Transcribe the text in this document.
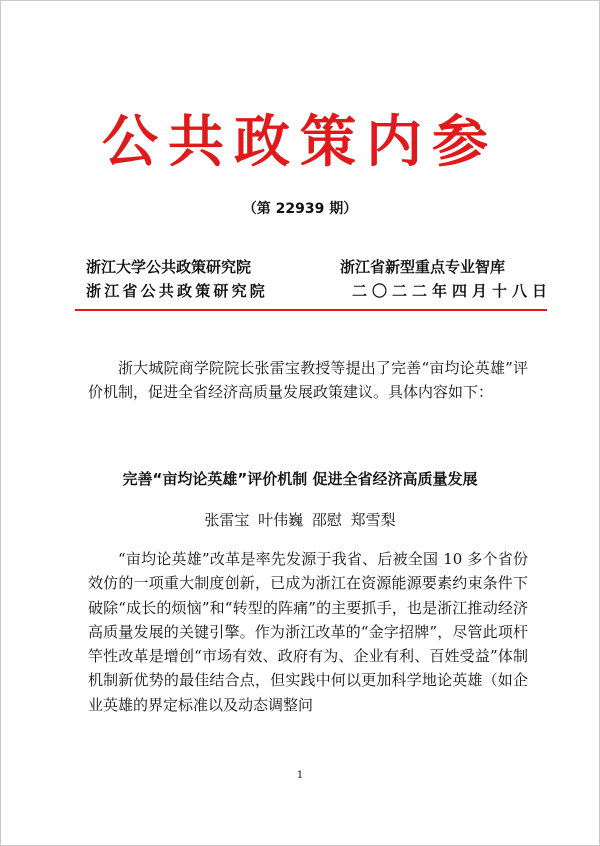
公共政策内参
（第 22939 期）
浙江大学公共政策研究院
浙江省公共政策研究院
浙江省新型重点专业智库
二〇二二年四月十八日
浙大城院商学院院长张雷宝教授等提出了完善“亩均论英雄”评价机制，促进全省经济高质量发展政策建议。具体内容如下：
完善“亩均论英雄”评价机制 促进全省经济高质量发展
张雷宝 叶伟巍 邵慰 郑雪梨
“亩均论英雄”改革是率先发源于我省、后被全国 10 多个省份效仿的一项重大制度创新，已成为浙江在资源能源要素约束条件下破除“成长的烦恼”和“转型的阵痛”的主要抓手，也是浙江推动经济高质量发展的关键引擎。作为浙江改革的“金字招牌”，尽管此项杆竿性改革是增创“市场有效、政府有为、企业有利、百姓受益”体制机制新优势的最佳结合点，但实践中何以更加科学地论英雄（如企业英雄的界定标准以及动态调整问
1
